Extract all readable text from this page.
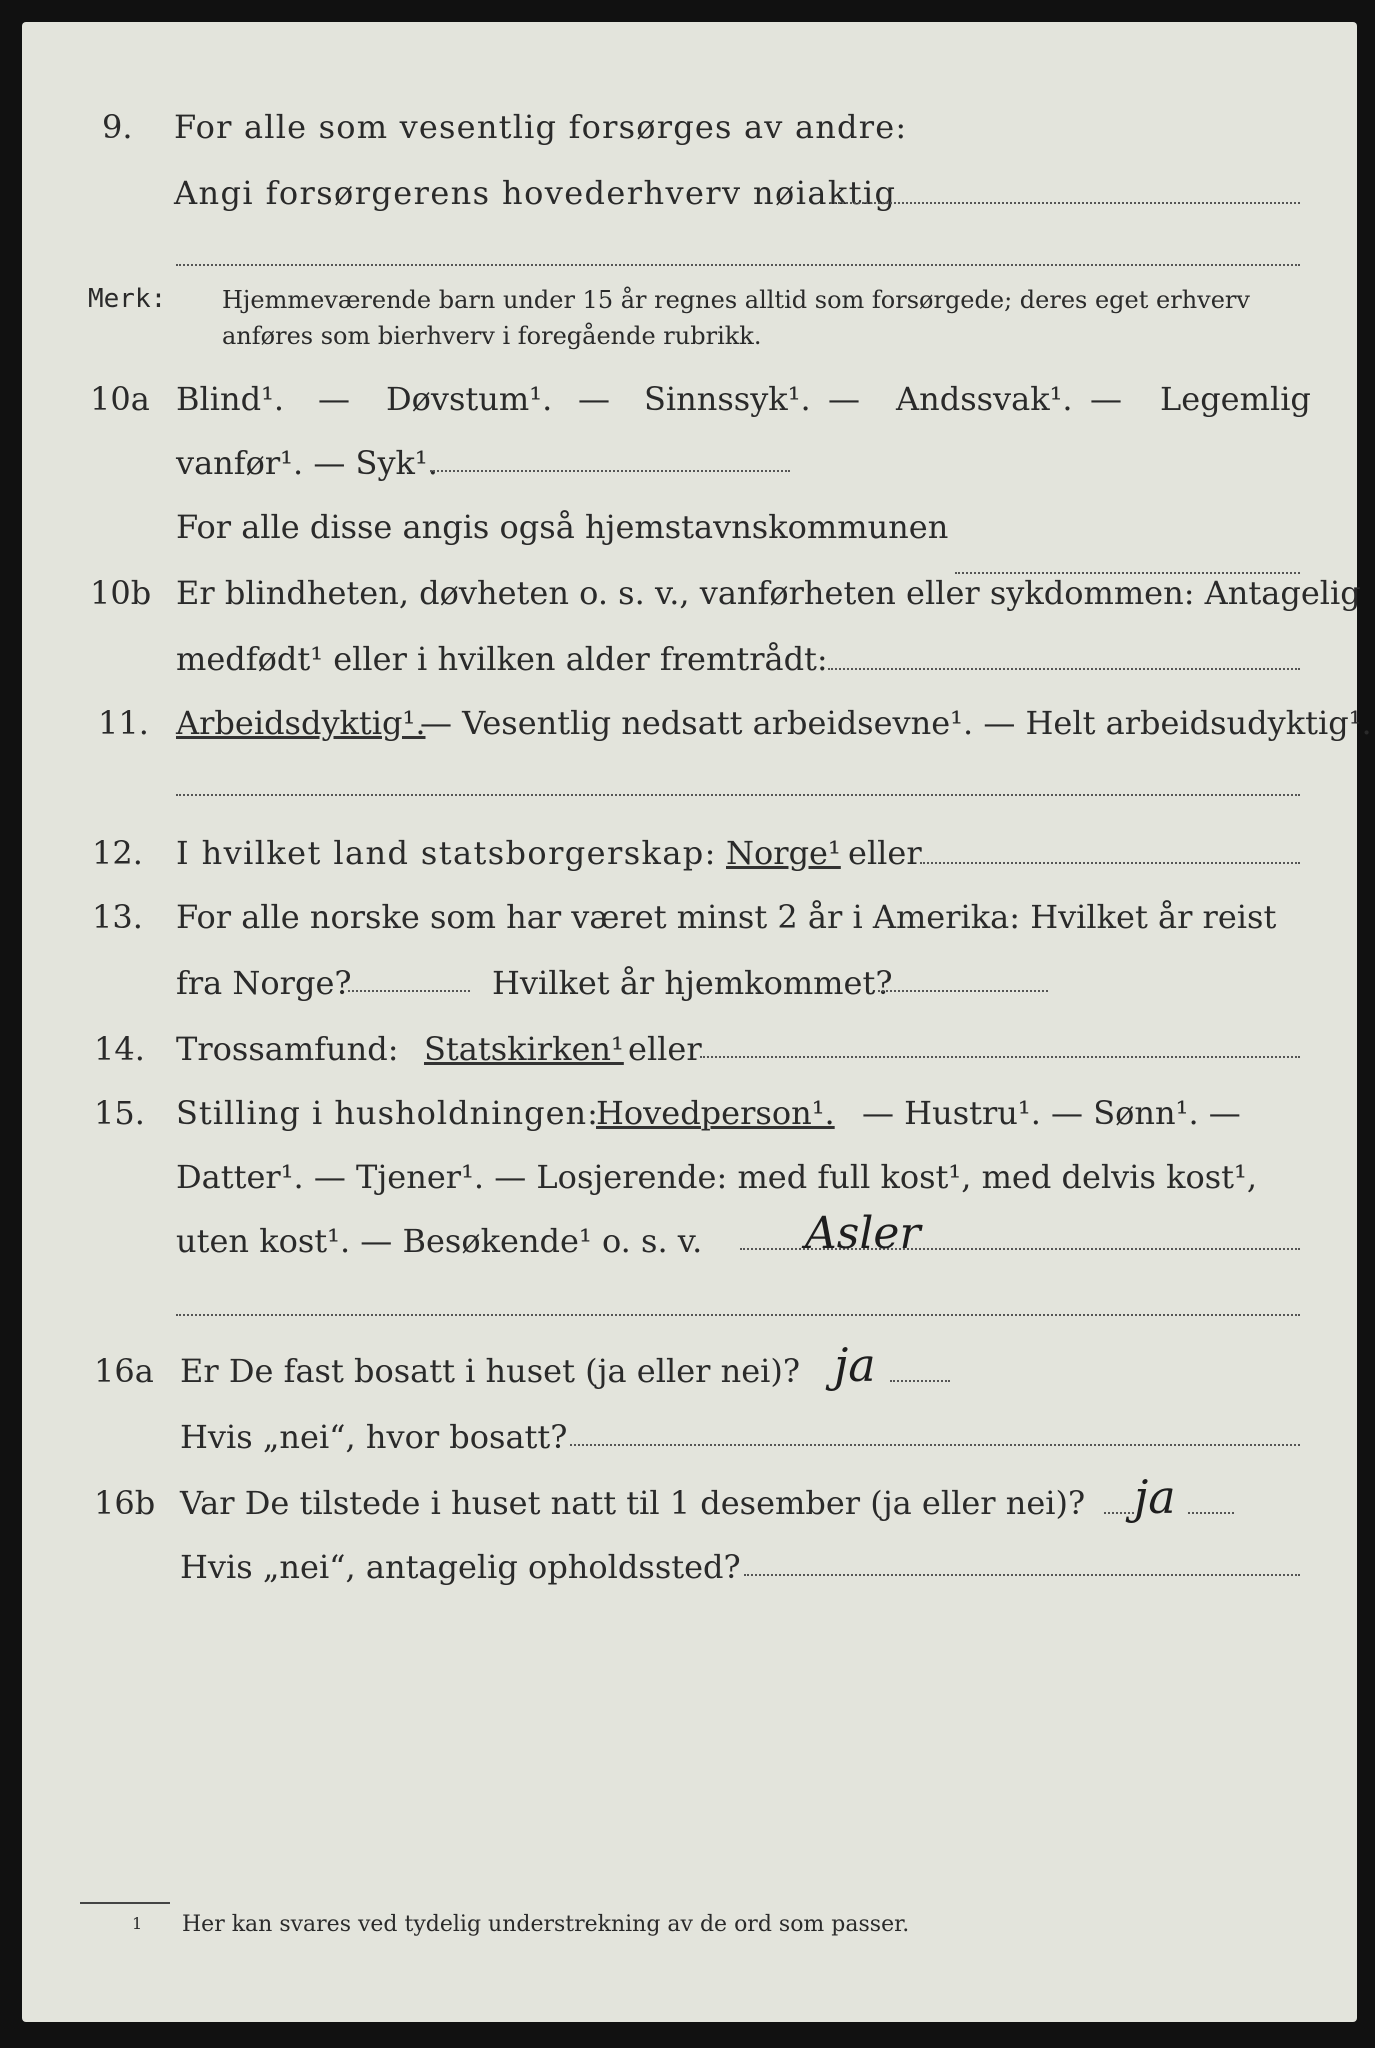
9. For alle som vesentlig forsørges av andre:
Angi forsørgerens hovederhverv nøiaktig
Merk: Hjemmeværende barn under 15 år regnes alltid som forsørgede; deres eget erhverv
anføres som bierhverv i foregående rubrikk.
10a Blind¹. — Døvstum¹. — Sinnssyk¹. — Andssvak¹. — Legemlig
vanfør¹. — Syk¹.
For alle disse angis også hjemstavnskommunen
10b Er blindheten, døvheten o. s. v., vanførheten eller sykdommen: Antagelig
medfødt¹ eller i hvilken alder fremtrådt:
11. Arbeidsdyktig¹.
— Vesentlig nedsatt arbeidsevne¹. — Helt arbeidsudyktig¹.
12. I hvilket land statsborgerskap: Norge¹ eller
13. For alle norske som har været minst 2 år i Amerika: Hvilket år reist
fra Norge?	Hvilket år hjemkommet?
14. Trossamfund: Statskirken¹ eller
15. Stilling i husholdningen:
Hovedperson¹. — Hustru¹. — Sønn¹. —
Datter¹. — Tjener¹. — Losjerende: med full kost¹, med delvis kost¹,
uten kost¹. — Besøkende¹ o. s. v. Asler
16a Er De fast bosatt i huset (ja eller nei)? ja
Hvis „nei“, hvor bosatt?
16b Var De tilstede i huset natt til 1 desember (ja eller nei)? ja
Hvis „nei“, antagelig opholdssted?
1 Her kan svares ved tydelig understrekning av de ord som passer.
